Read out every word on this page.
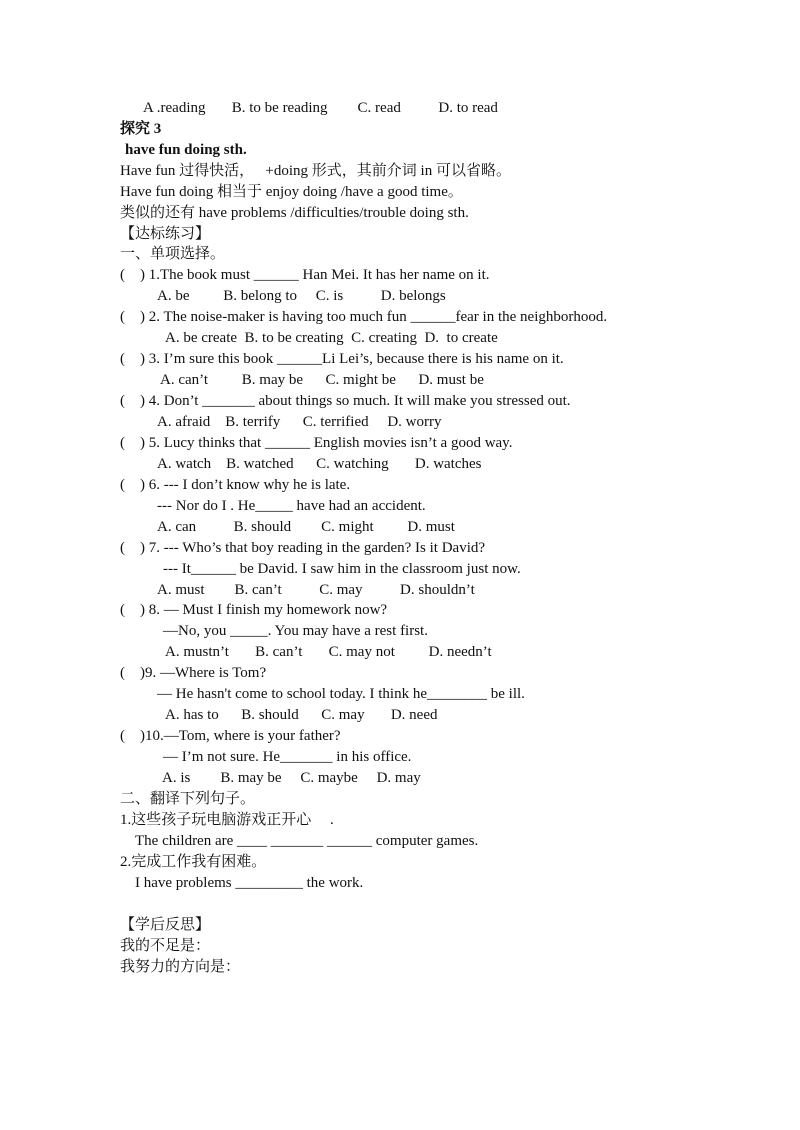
A .reading       B. to be reading        C. read          D. to read
探究 3
have fun doing sth.
Have fun 过得快活，   +doing 形式，其前介词 in 可以省略。
Have fun doing 相当于 enjoy doing /have a good time。
类似的还有 have problems /difficulties/trouble doing sth.
【达标练习】
一、单项选择。
(    ) 1.The book must ______ Han Mei. It has her name on it.
A. be         B. belong to     C. is          D. belongs
(    ) 2. The noise-maker is having too much fun ______fear in the neighborhood.
A. be create  B. to be creating  C. creating  D.  to create
(    ) 3. I’m sure this book ______Li Lei’s, because there is his name on it.
A. can’t         B. may be      C. might be      D. must be
(    ) 4. Don’t _______ about things so much. It will make you stressed out.
A. afraid    B. terrify      C. terrified     D. worry
(    ) 5. Lucy thinks that ______ English movies isn’t a good way.
A. watch    B. watched      C. watching       D. watches
(    ) 6. --- I don’t know why he is late.
--- Nor do I . He_____ have had an accident.
A. can          B. should        C. might         D. must
(    ) 7. --- Who’s that boy reading in the garden? Is it David?
--- It______ be David. I saw him in the classroom just now.
A. must        B. can’t          C. may          D. shouldn’t
(    ) 8. — Must I finish my homework now?
—No, you _____. You may have a rest first.
A. mustn’t       B. can’t       C. may not         D. needn’t
(    )9. —Where is Tom?
— He hasn't come to school today. I think he________ be ill.
A. has to      B. should      C. may       D. need
(    )10.—Tom, where is your father?
— I’m not sure. He_______ in his office.
A. is        B. may be     C. maybe     D. may
二、翻译下列句子。
1.这些孩子玩电脑游戏正开心     .
The children are ____ _______ ______ computer games.
2.完成工作我有困难。
I have problems _________ the work.
【学后反思】
我的不足是：
我努力的方向是：
